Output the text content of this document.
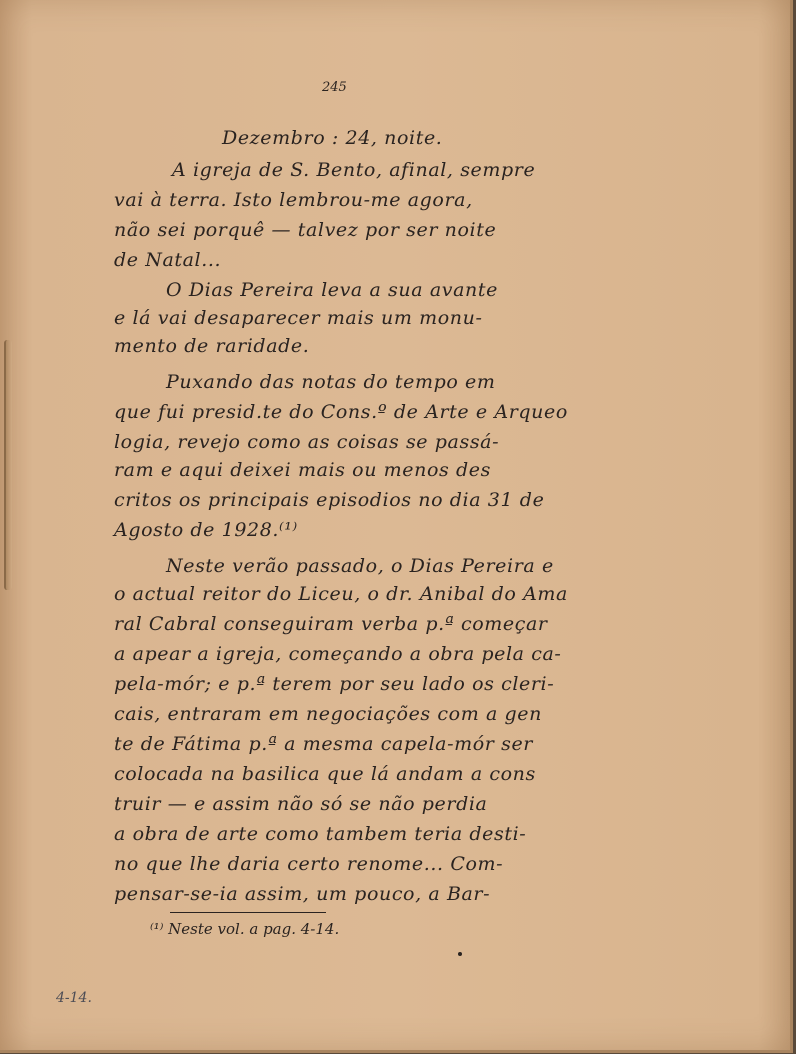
245
Dezembro : 24, noite.
A igreja de S. Bento, afinal, sempre
vai à terra. Isto lembrou-me agora,
não sei porquê — talvez por ser noite
de Natal...
O Dias Pereira leva a sua avante
e lá vai desaparecer mais um monu-
mento de raridade.
Puxando das notas do tempo em
que fui presid.te do Cons.º de Arte e Arqueo
logia, revejo como as coisas se passá-
ram e aqui deixei mais ou menos des
critos os principais episodios no dia 31 de
Agosto de 1928.⁽¹⁾
Neste verão passado, o Dias Pereira e
o actual reitor do Liceu, o dr. Anibal do Ama
ral Cabral conseguiram verba p.ª começar
a apear a igreja, começando a obra pela ca-
pela-mór; e p.ª terem por seu lado os cleri-
cais, entraram em negociações com a gen
te de Fátima p.ª a mesma capela-mór ser
colocada na basilica que lá andam a cons
truir — e assim não só se não perdia
a obra de arte como tambem teria desti-
no que lhe daria certo renome... Com-
pensar-se-ia assim, um pouco, a Bar-
⁽¹⁾ Neste vol. a pag. 4-14.
4-14.
